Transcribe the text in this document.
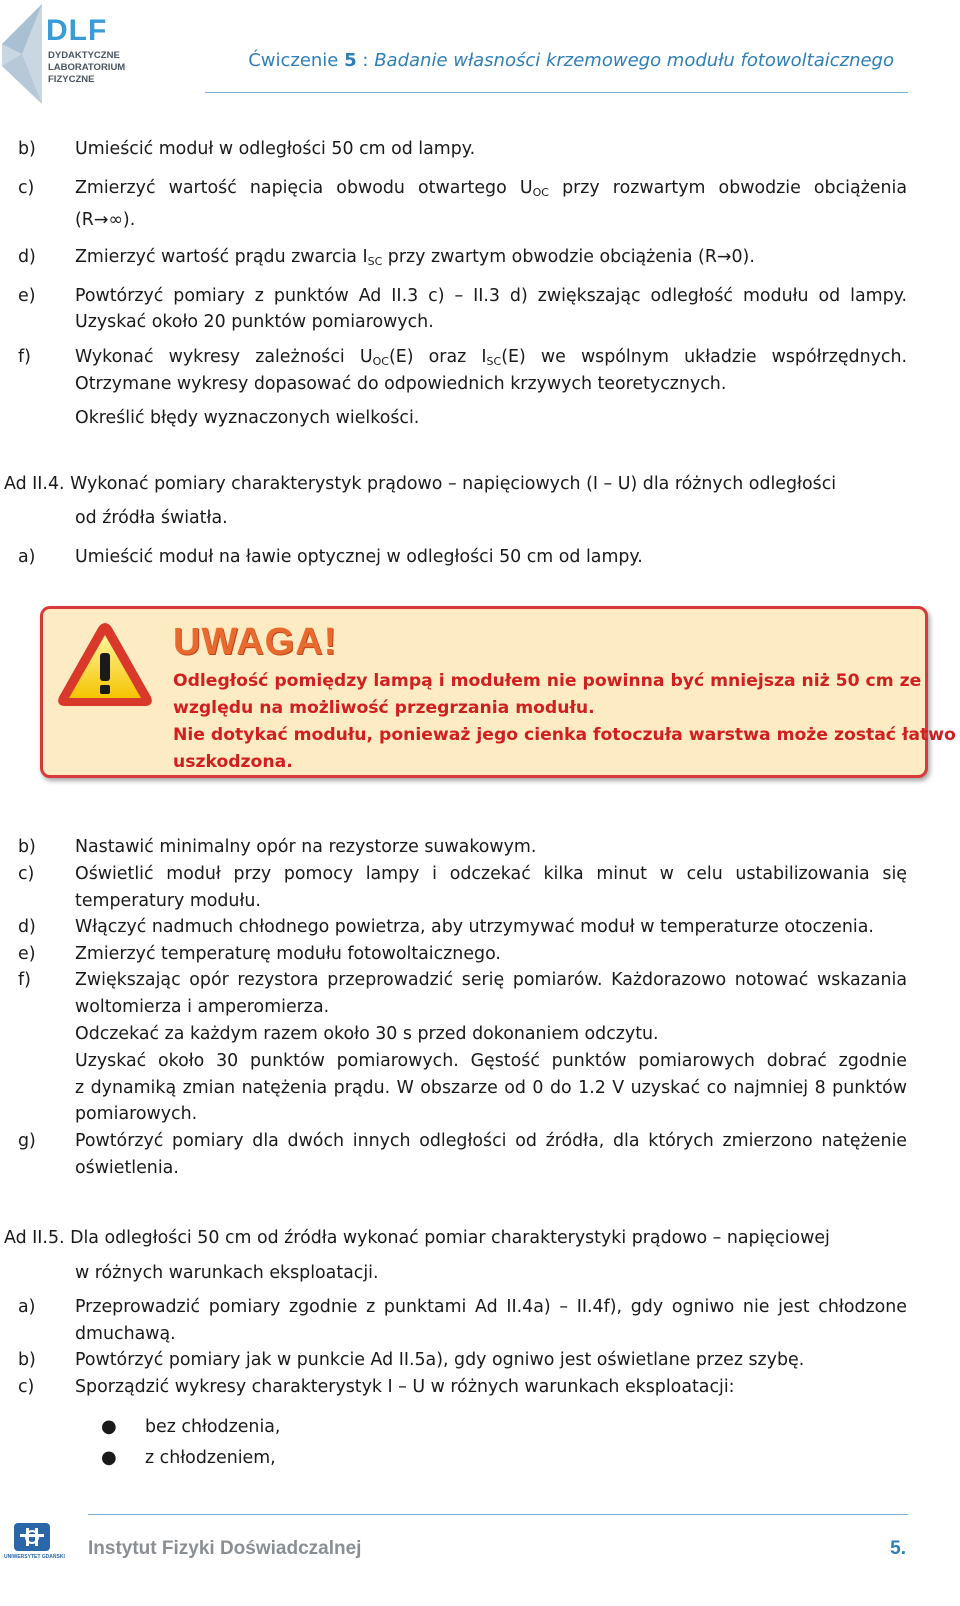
DLF
DYDAKTYCZNE
LABORATORIUM
FIZYCZNE
Ćwiczenie 5 : Badanie własności krzemowego modułu fotowoltaicznego
b) Umieścić moduł w odległości 50 cm od lampy.
c) Zmierzyć wartość napięcia obwodu otwartego $U_{OC}$ przy rozwartym obwodzie obciążenia
(R→∞).
d) Zmierzyć wartość prądu zwarcia $I_{SC}$ przy zwartym obwodzie obciążenia (R→0).
e) Powtórzyć pomiary z punktów Ad II.3 c) – II.3 d) zwiększając odległość modułu od lampy.
Uzyskać około 20 punktów pomiarowych.
f)	Wykonać wykresy zależności $U_{OC}(E)$ oraz $I_{SC}(E)$ we wspólnym układzie współrzędnych.
Otrzymane wykresy dopasować do odpowiednich krzywych teoretycznych.
Określić błędy wyznaczonych wielkości.
Ad II.4. Wykonać pomiary charakterystyk prądowo – napięciowych (I – U) dla różnych odległości
od źródła światła.
a) Umieścić moduł na ławie optycznej w odległości 50 cm od lampy.
UWAGA!
Odległość pomiędzy lampą i modułem nie powinna być mniejsza niż 50 cm ze
względu na możliwość przegrzania modułu.
Nie dotykać modułu, ponieważ jego cienka fotoczuła warstwa może zostać łatwo
uszkodzona.
b) Nastawić minimalny opór na rezystorze suwakowym.
c) Oświetlić moduł przy pomocy lampy i odczekać kilka minut w celu ustabilizowania się
temperatury modułu.
d) Włączyć nadmuch chłodnego powietrza, aby utrzymywać moduł w temperaturze otoczenia.
e) Zmierzyć temperaturę modułu fotowoltaicznego.
f)	Zwiększając opór rezystora przeprowadzić serię pomiarów. Każdorazowo notować wskazania
woltomierza i amperomierza.
Odczekać za każdym razem około 30 s przed dokonaniem odczytu.
Uzyskać około 30 punktów pomiarowych. Gęstość punktów pomiarowych dobrać zgodnie
z dynamiką zmian natężenia prądu. W obszarze od 0 do 1.2 V uzyskać co najmniej 8 punktów
pomiarowych.
g) Powtórzyć pomiary dla dwóch innych odległości od źródła, dla których zmierzono natężenie
oświetlenia.
Ad II.5. Dla odległości 50 cm od źródła wykonać pomiar charakterystyki prądowo – napięciowej
w różnych warunkach eksploatacji.
a) Przeprowadzić pomiary zgodnie z punktami Ad II.4a) – II.4f), gdy ogniwo nie jest chłodzone
dmuchawą.
b) Powtórzyć pomiary jak w punkcie Ad II.5a), gdy ogniwo jest oświetlane przez szybę.
c) Sporządzić wykresy charakterystyk I – U w różnych warunkach eksploatacji:
● bez chłodzenia,
● z chłodzeniem,
UNIWERSYTET GDAŃSKI Instytut Fizyki Doświadczalnej	5.
